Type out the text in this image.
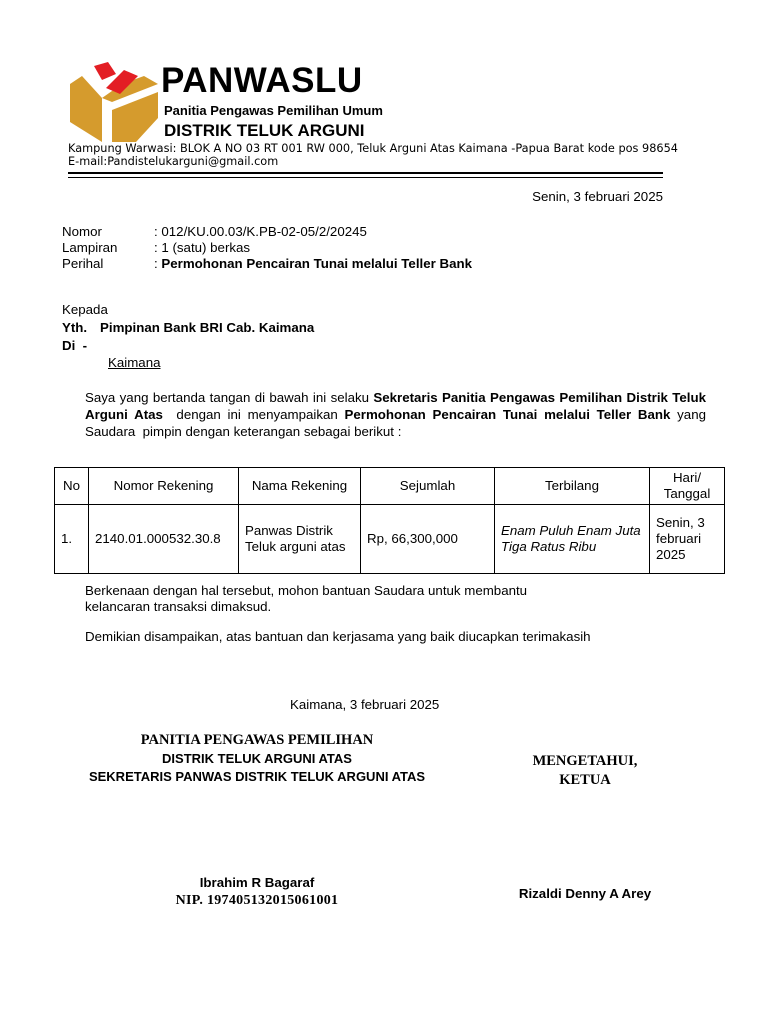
PANWASLU
Panitia Pengawas Pemilihan Umum
DISTRIK TELUK ARGUNI
Kampung Warwasi: BLOK A NO 03 RT 001 RW 000, Teluk Arguni Atas Kaimana -Papua Barat kode pos 98654 E-mail:Pandistelukarguni@gmail.com
Senin, 3 februari 2025
Nomor	: 012/KU.00.03/K.PB-02-05/2/20245
Lampiran	: 1 (satu) berkas
Perihal	: Permohonan Pencairan Tunai melalui Teller Bank
Kepada
Yth. Pimpinan Bank BRI Cab. Kaimana
Di  -
Kaimana
Saya yang bertanda tangan di bawah ini selaku Sekretaris Panitia Pengawas Pemilihan Distrik Teluk Arguni Atas  dengan ini menyampaikan Permohonan Pencairan Tunai melalui Teller Bank yang Saudara  pimpin dengan keterangan sebagai berikut :
No	Nomor Rekening	Nama Rekening	Sejumlah	Terbilang	Hari/ Tanggal
1.	2140.01.000532.30.8	Panwas Distrik Teluk arguni atas	Rp, 66,300,000	Enam Puluh Enam Juta Tiga Ratus Ribu	Senin, 3 februari 2025
Berkenaan dengan hal tersebut, mohon bantuan Saudara untuk membantu kelancaran transaksi dimaksud.
Demikian disampaikan, atas bantuan dan kerjasama yang baik diucapkan terimakasih
Kaimana, 3 februari 2025
PANITIA PENGAWAS PEMILIHAN
DISTRIK TELUK ARGUNI ATAS
SEKRETARIS PANWAS DISTRIK TELUK ARGUNI ATAS
MENGETAHUI,
KETUA
Ibrahim R Bagaraf
NIP. 197405132015061001	Rizaldi Denny A Arey
